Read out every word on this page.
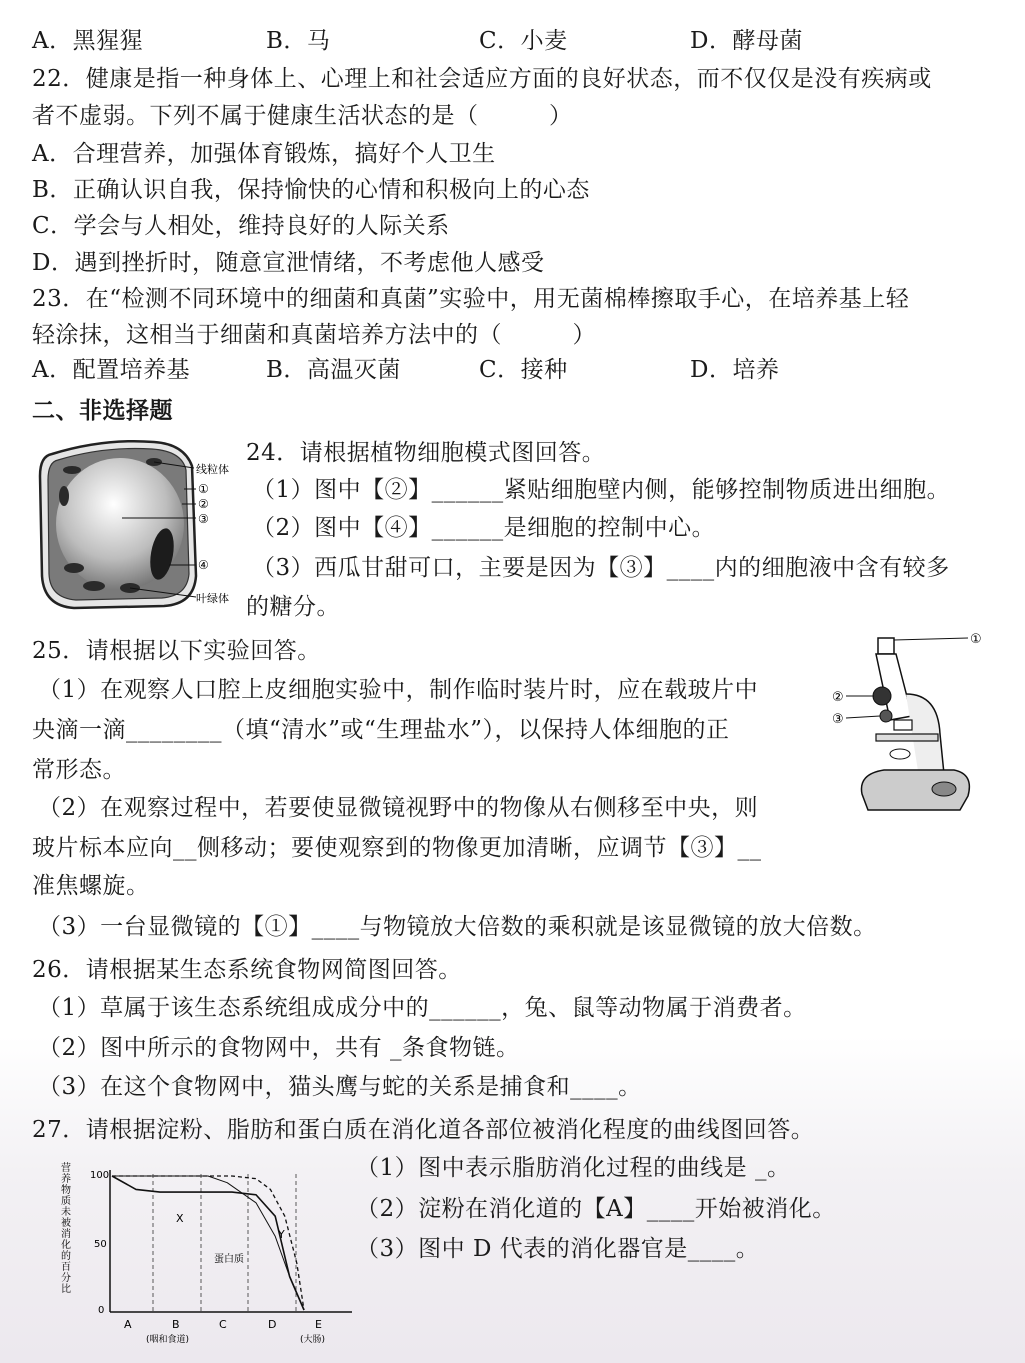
A．黑猩猩	B．马	C．小麦	D．酵母菌
22．健康是指一种身体上、心理上和社会适应方面的良好状态，而不仅仅是没有疾病或
者不虚弱。下列不属于健康生活状态的是（　　　）
A．合理营养，加强体育锻炼，搞好个人卫生
B．正确认识自我，保持愉快的心情和积极向上的心态
C．学会与人相处，维持良好的人际关系
D．遇到挫折时，随意宣泄情绪，不考虑他人感受
23．在“检测不同环境中的细菌和真菌”实验中，用无菌棉棒擦取手心，在培养基上轻
轻涂抹，这相当于细菌和真菌培养方法中的（　　　）
A．配置培养基	B．高温灭菌	C．接种	D．培养
二、非选择题
线粒体
①
②
③
④
叶绿体
24．请根据植物细胞模式图回答。
（1）图中【②】______紧贴细胞壁内侧，能够控制物质进出细胞。
（2）图中【④】______是细胞的控制中心。
（3）西瓜甘甜可口，主要是因为【③】____内的细胞液中含有较多
的糖分。
25．请根据以下实验回答。
（1）在观察人口腔上皮细胞实验中，制作临时装片时，应在载玻片中
央滴一滴________（填“清水”或“生理盐水”），以保持人体细胞的正
常形态。
（2）在观察过程中，若要使显微镜视野中的物像从右侧移至中央，则
玻片标本应向__侧移动；要使观察到的物像更加清晰，应调节【③】__
准焦螺旋。
（3）一台显微镜的【①】____与物镜放大倍数的乘积就是该显微镜的放大倍数。
①
②
③
26．请根据某生态系统食物网简图回答。
（1）草属于该生态系统组成成分中的______，兔、鼠等动物属于消费者。
（2）图中所示的食物网中，共有 _条食物链。
（3）在这个食物网中，猫头鹰与蛇的关系是捕食和____。
27．请根据淀粉、脂肪和蛋白质在消化道各部位被消化程度的曲线图回答。
（1）图中表示脂肪消化过程的曲线是 _。
（2）淀粉在消化道的【A】____开始被消化。
（3）图中 D 代表的消化器官是____。
营养物质未被消化的百分比 100
50
0
A	B	C	D	E
(咽和食道)	(大肠)
X
蛋白质
Y
